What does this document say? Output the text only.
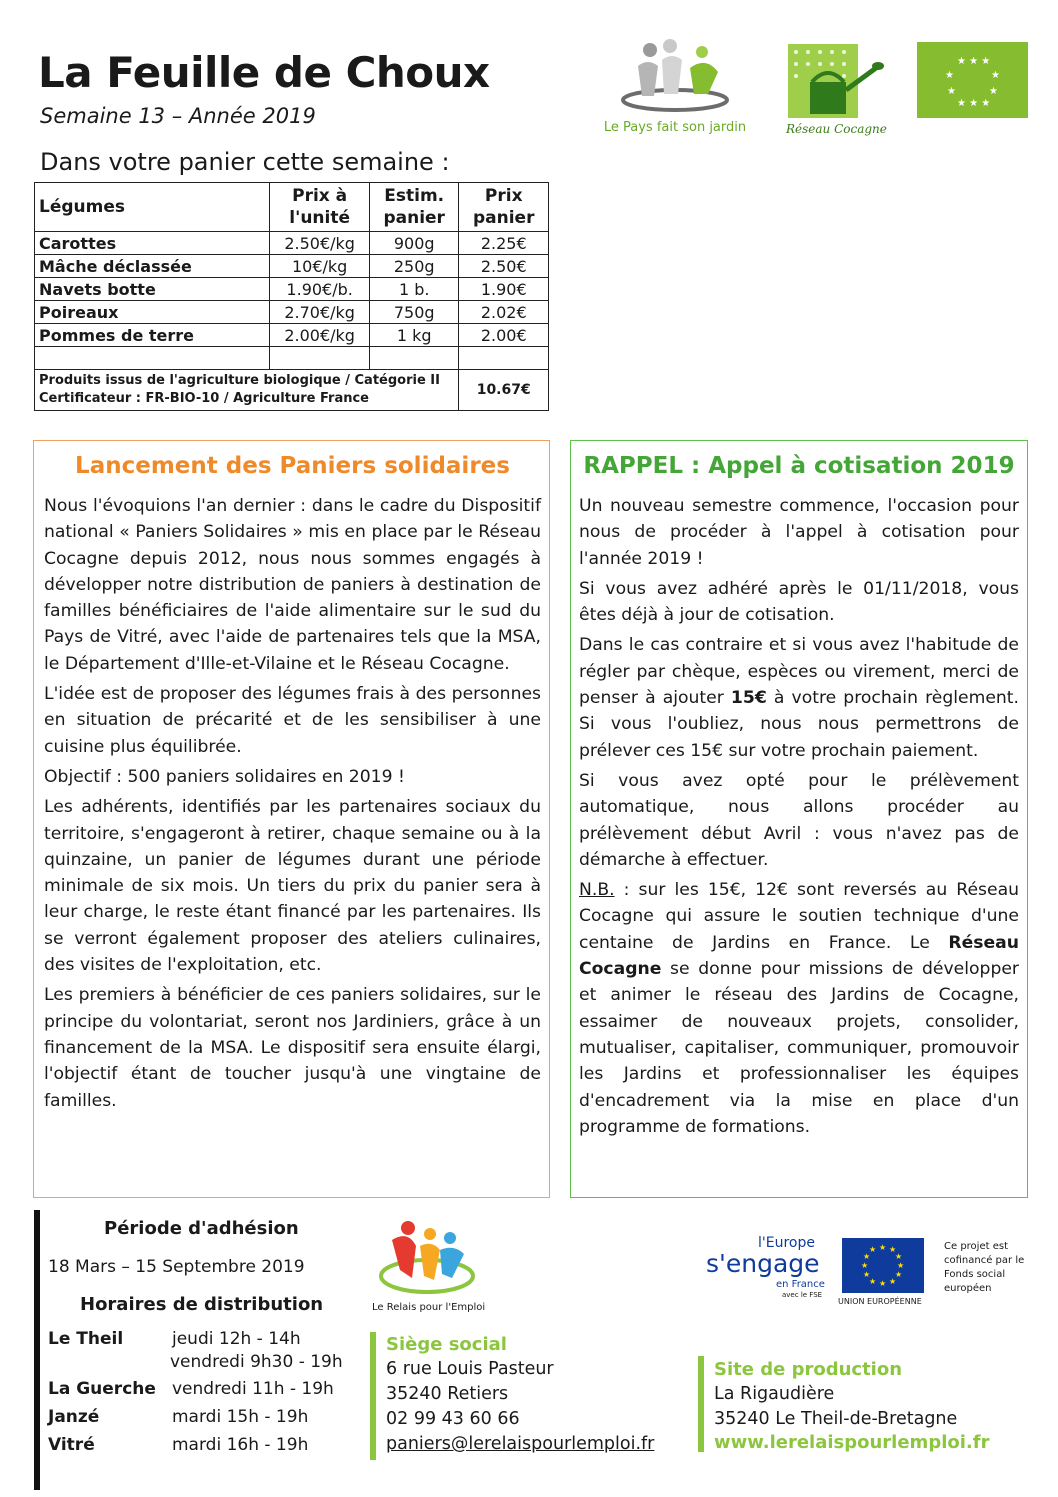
La Feuille de Choux
Semaine 13 – Année 2019
Dans votre panier cette semaine :
Le Pays fait son jardin	Réseau Cocagne
★ ★ ★
★	★
★	★
★ ★ ★
Légumes	Prix à l'unité	Estim. panier	Prix panier
Carottes	2.50€/kg	900g	2.25€
Mâche déclassée	10€/kg	250g	2.50€
Navets botte	1.90€/b.	1 b.	1.90€
Poireaux	2.70€/kg	750g	2.02€
Pommes de terre	2.00€/kg	1 kg	2.00€

Produits issus de l'agriculture biologique / Catégorie II
Certificateur : FR-BIO-10 / Agriculture France			10.67€
Lancement des Paniers solidaires

Nous l'évoquions l'an dernier : dans le cadre du Dispositif national « Paniers Solidaires » mis en place par le Réseau Cocagne depuis 2012, nous nous sommes engagés à développer notre distribution de paniers à destination de familles bénéficiaires de l'aide alimentaire sur le sud du Pays de Vitré, avec l'aide de partenaires tels que la MSA, le Département d'Ille-et-Vilaine et le Réseau Cocagne.

L'idée est de proposer des légumes frais à des personnes en situation de précarité et de les sensibiliser à une cuisine plus équilibrée.

Objectif : 500 paniers solidaires en 2019 !

Les adhérents, identifiés par les partenaires sociaux du territoire, s'engageront à retirer, chaque semaine ou à la quinzaine, un panier de légumes durant une période minimale de six mois. Un tiers du prix du panier sera à leur charge, le reste étant financé par les partenaires. Ils se verront également proposer des ateliers culinaires, des visites de l'exploitation, etc.

Les premiers à bénéficier de ces paniers solidaires, sur le principe du volontariat, seront nos Jardiniers, grâce à un financement de la MSA. Le dispositif sera ensuite élargi, l'objectif étant de toucher jusqu'à une vingtaine de familles.

RAPPEL : Appel à cotisation 2019

Un nouveau semestre commence, l'occasion pour nous de procéder à l'appel à cotisation pour l'année 2019 !

Si vous avez adhéré après le 01/11/2018, vous êtes déjà à jour de cotisation.

Dans le cas contraire et si vous avez l'habitude de régler par chèque, espèces ou virement, merci de penser à ajouter 15€ à votre prochain règlement. Si vous l'oubliez, nous nous permettrons de prélever ces 15€ sur votre prochain paiement.

Si vous avez opté pour le prélèvement automatique, nous allons procéder au prélèvement début Avril : vous n'avez pas de démarche à effectuer.

N.B. : sur les 15€, 12€ sont reversés au Réseau Cocagne qui assure le soutien technique d'une centaine de Jardins en France. Le Réseau Cocagne se donne pour missions de développer et animer le réseau des Jardins de Cocagne, essaimer de nouveaux projets, consolider, mutualiser, capitaliser, communiquer, promouvoir les Jardins et professionnaliser les équipes d'encadrement via la mise en place d'un programme de formations.

Période d'adhésion
18 Mars – 15 Septembre 2019
Horaires de distribution
Le Theil	jeudi 12h - 14h
vendredi 9h30 - 19h
La Guerche vendredi 11h - 19h
Janzé	mardi 15h - 19h
Vitré	mardi 16h - 19h
Le Relais pour l'Emploi
Siège social
6 rue Louis Pasteur
35240 Retiers
02 99 43 60 66
paniers@lerelaispourlemploi.fr
Site de production
La Rigaudière
35240 Le Theil-de-Bretagne
www.lerelaispourlemploi.fr
l'Europe
s'engage
en France
avec le FSE
★ ★
★
★
★
★
★
★
★
★
★
★
UNION EUROPÉENNE
Ce projet est cofinancé par le Fonds social européen
